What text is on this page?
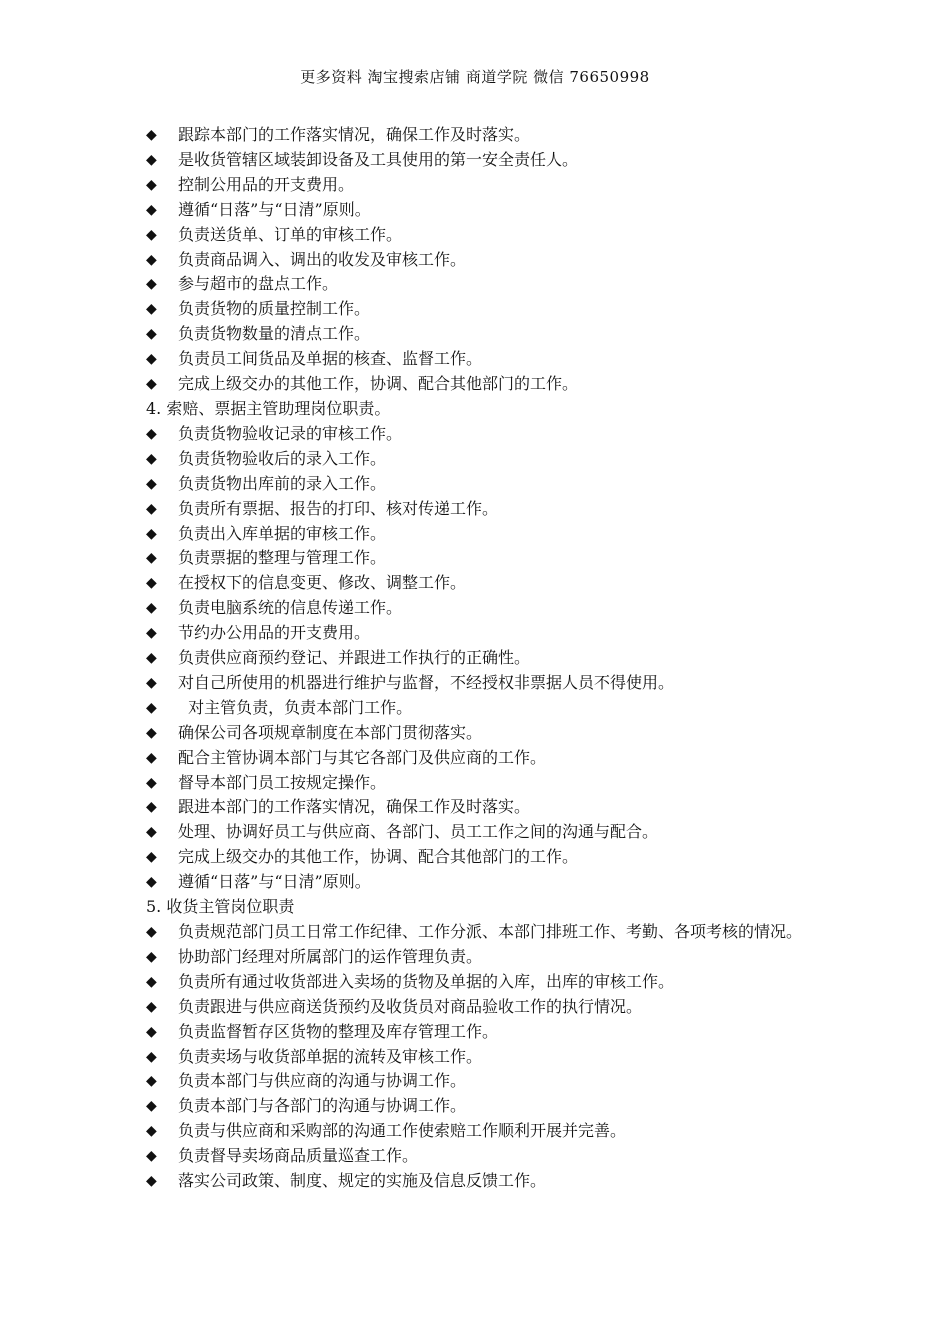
更多资料 淘宝搜索店铺 商道学院 微信 76650998
◆	跟踪本部门的工作落实情况，确保工作及时落实。
◆	是收货管辖区域装卸设备及工具使用的第一安全责任人。
◆	控制公用品的开支费用。
◆	遵循“日落”与“日清”原则。
◆	负责送货单、订单的审核工作。
◆	负责商品调入、调出的收发及审核工作。
◆	参与超市的盘点工作。
◆	负责货物的质量控制工作。
◆	负责货物数量的清点工作。
◆	负责员工间货品及单据的核查、监督工作。
◆	完成上级交办的其他工作，协调、配合其他部门的工作。
4. 索赔、票据主管助理岗位职责。
◆	负责货物验收记录的审核工作。
◆	负责货物验收后的录入工作。
◆	负责货物出库前的录入工作。
◆	负责所有票据、报告的打印、核对传递工作。
◆	负责出入库单据的审核工作。
◆	负责票据的整理与管理工作。
◆	在授权下的信息变更、修改、调整工作。
◆	负责电脑系统的信息传递工作。
◆	节约办公用品的开支费用。
◆	负责供应商预约登记、并跟进工作执行的正确性。
◆	对自己所使用的机器进行维护与监督，不经授权非票据人员不得使用。
◆	对主管负责，负责本部门工作。
◆	确保公司各项规章制度在本部门贯彻落实。
◆	配合主管协调本部门与其它各部门及供应商的工作。
◆	督导本部门员工按规定操作。
◆	跟进本部门的工作落实情况，确保工作及时落实。
◆	处理、协调好员工与供应商、各部门、员工工作之间的沟通与配合。
◆	完成上级交办的其他工作，协调、配合其他部门的工作。
◆	遵循“日落”与“日清”原则。
5. 收货主管岗位职责
◆	负责规范部门员工日常工作纪律、工作分派、本部门排班工作、考勤、各项考核的情况。
◆	协助部门经理对所属部门的运作管理负责。
◆	负责所有通过收货部进入卖场的货物及单据的入库，出库的审核工作。
◆	负责跟进与供应商送货预约及收货员对商品验收工作的执行情况。
◆	负责监督暂存区货物的整理及库存管理工作。
◆	负责卖场与收货部单据的流转及审核工作。
◆	负责本部门与供应商的沟通与协调工作。
◆	负责本部门与各部门的沟通与协调工作。
◆	负责与供应商和采购部的沟通工作使索赔工作顺利开展并完善。
◆	负责督导卖场商品质量巡查工作。
◆	落实公司政策、制度、规定的实施及信息反馈工作。
